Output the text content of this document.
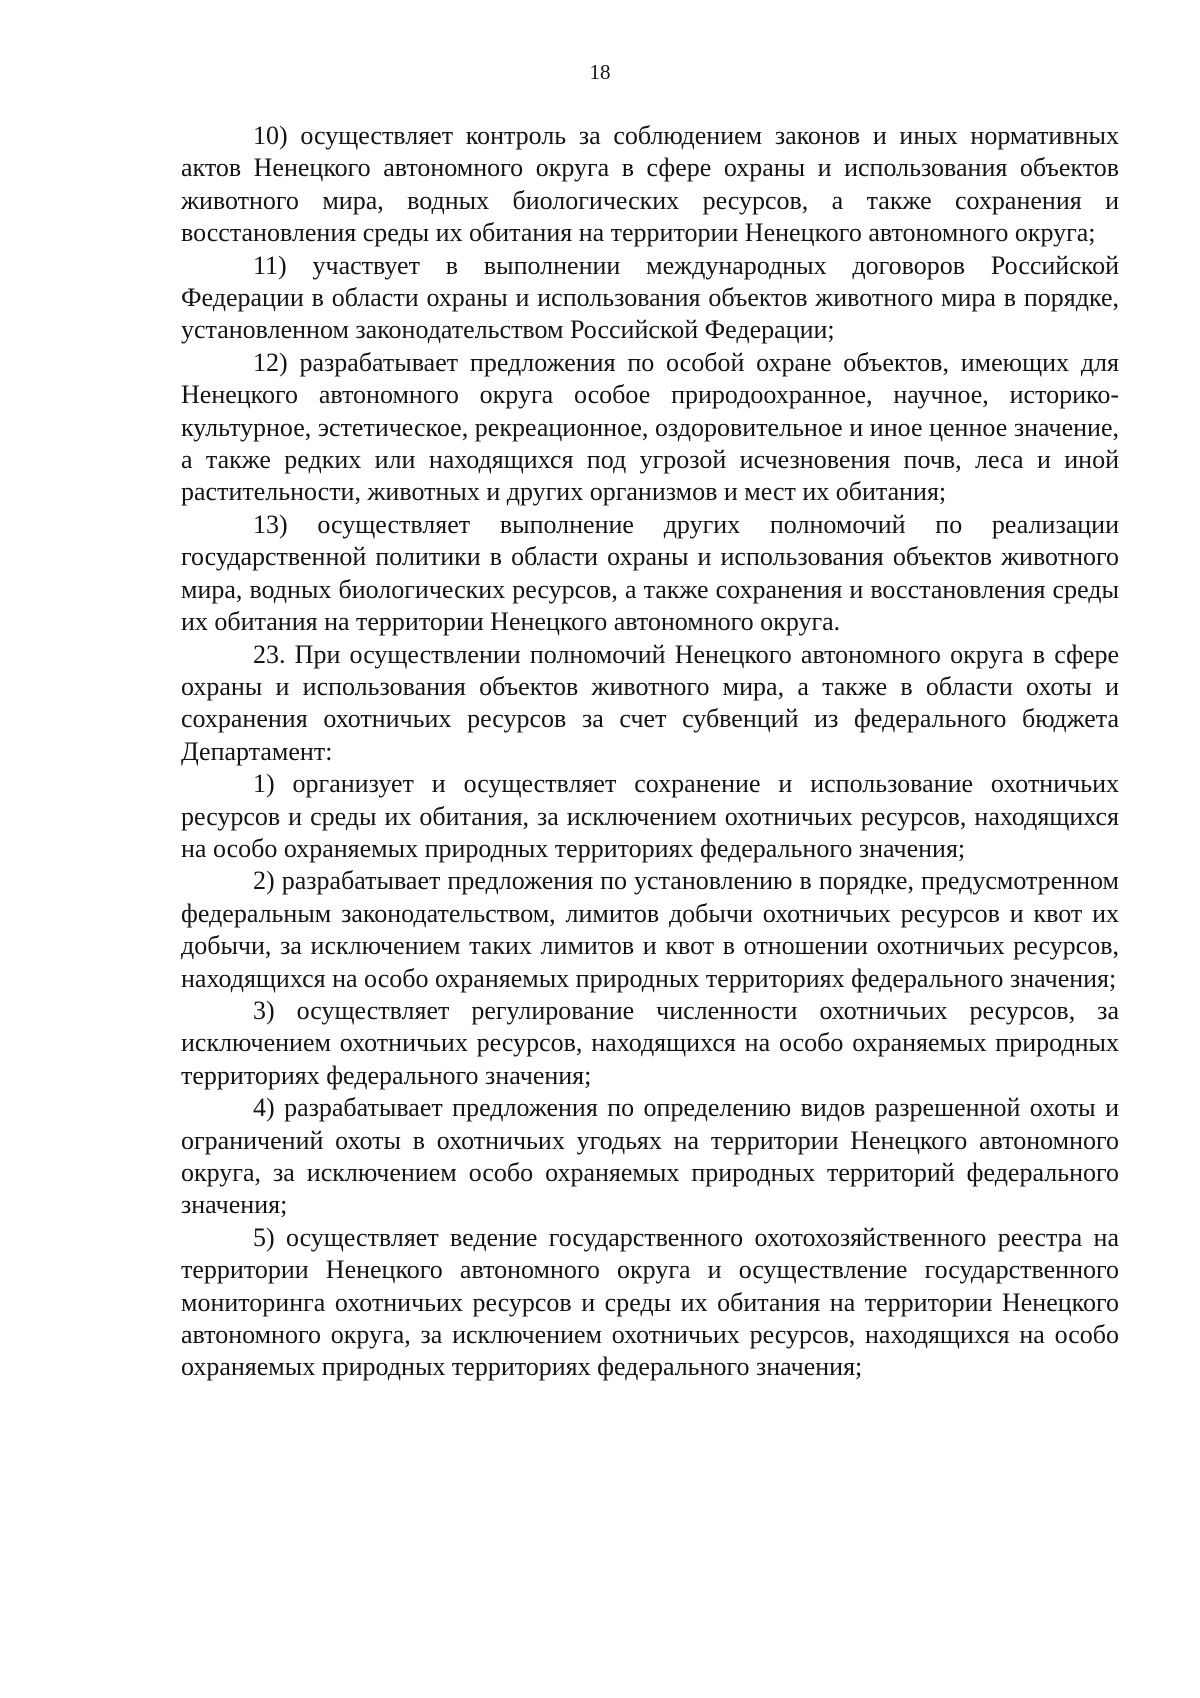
18

10) осуществляет контроль за соблюдением законов и иных нормативных актов Ненецкого автономного округа в сфере охраны и использования объектов животного мира, водных биологических ресурсов, а также сохранения и восстановления среды их обитания на территории Ненецкого автономного округа;

11) участвует в выполнении международных договоров Российской Федерации в области охраны и использования объектов животного мира в порядке, установленном законодательством Российской Федерации;

12) разрабатывает предложения по особой охране объектов, имеющих для Ненецкого автономного округа особое природоохранное, научное, историко-культурное, эстетическое, рекреационное, оздоровительное и иное ценное значение, а также редких или находящихся под угрозой исчезновения почв, леса и иной растительности, животных и других организмов и мест их обитания;

13) осуществляет выполнение других полномочий по реализации государственной политики в области охраны и использования объектов животного мира, водных биологических ресурсов, а также сохранения и восстановления среды их обитания на территории Ненецкого автономного округа.

23. При осуществлении полномочий Ненецкого автономного округа в сфере охраны и использования объектов животного мира, а также в области охоты и сохранения охотничьих ресурсов за счет субвенций из федерального бюджета Департамент:

1) организует и осуществляет сохранение и использование охотничьих ресурсов и среды их обитания, за исключением охотничьих ресурсов, находящихся на особо охраняемых природных территориях федерального значения;

2) разрабатывает предложения по установлению в порядке, предусмотренном федеральным законодательством, лимитов добычи охотничьих ресурсов и квот их добычи, за исключением таких лимитов и квот в отношении охотничьих ресурсов, находящихся на особо охраняемых природных территориях федерального значения;

3) осуществляет регулирование численности охотничьих ресурсов, за исключением охотничьих ресурсов, находящихся на особо охраняемых природных территориях федерального значения;

4) разрабатывает предложения по определению видов разрешенной охоты и ограничений охоты в охотничьих угодьях на территории Ненецкого автономного округа, за исключением особо охраняемых природных территорий федерального значения;

5) осуществляет ведение государственного охотохозяйственного реестра на территории Ненецкого автономного округа и осуществление государственного мониторинга охотничьих ресурсов и среды их обитания на территории Ненецкого автономного округа, за исключением охотничьих ресурсов, находящихся на особо охраняемых природных территориях федерального значения;
